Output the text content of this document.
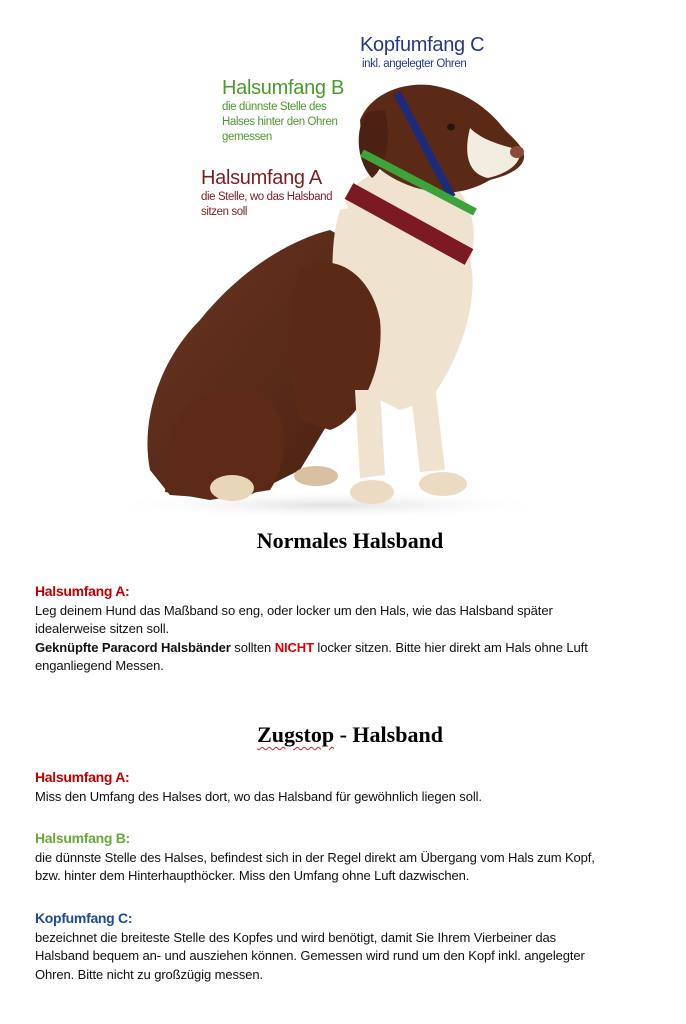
Kopfumfang C
inkl. angelegter Ohren
Halsumfang B
die dünnste Stelle des
Halses hinter den Ohren
gemessen
Halsumfang A
die Stelle, wo das Halsband
sitzen soll
Normales Halsband
Halsumfang A:
Leg deinem Hund das Maßband so eng, oder locker um den Hals, wie das Halsband später
idealerweise sitzen soll.
Geknüpfte Paracord Halsbänder sollten NICHT locker sitzen. Bitte hier direkt am Hals ohne Luft
enganliegend Messen.
Zugstop - Halsband
Halsumfang A:
Miss den Umfang des Halses dort, wo das Halsband für gewöhnlich liegen soll.
Halsumfang B:
die dünnste Stelle des Halses, befindest sich in der Regel direkt am Übergang vom Hals zum Kopf,
bzw. hinter dem Hinterhaupthöcker. Miss den Umfang ohne Luft dazwischen.
Kopfumfang C:
bezeichnet die breiteste Stelle des Kopfes und wird benötigt, damit Sie Ihrem Vierbeiner das
Halsband bequem an- und ausziehen können. Gemessen wird rund um den Kopf inkl. angelegter
Ohren. Bitte nicht zu großzügig messen.
